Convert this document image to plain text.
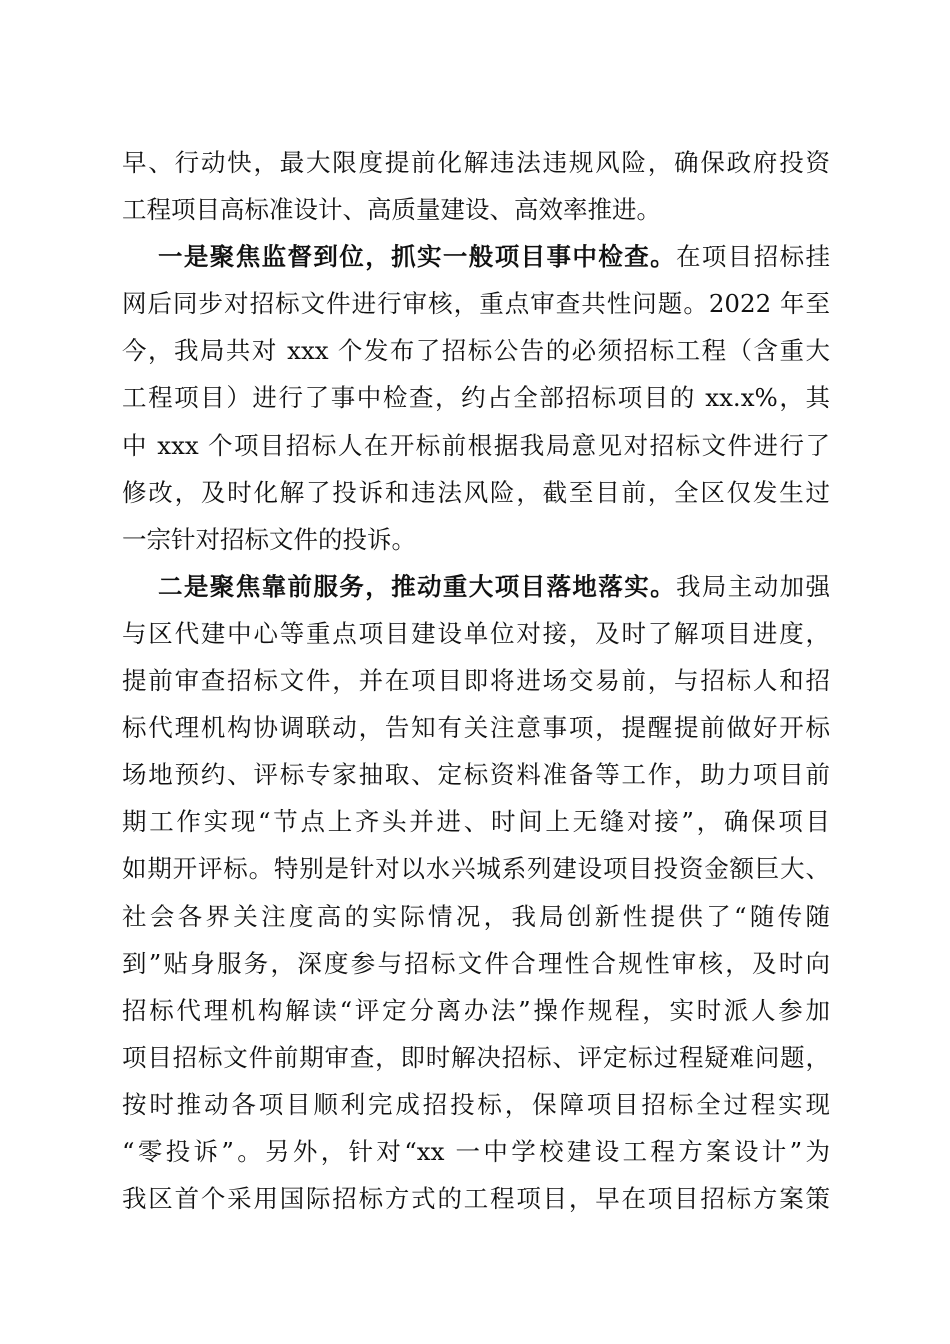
早、行动快，最大限度提前化解违法违规风险，确保政府投资
工程项目高标准设计、高质量建设、高效率推进。
一是聚焦监督到位，抓实一般项目事中检查。在项目招标挂
网后同步对招标文件进行审核，重点审查共性问题。2022 年至
今，我局共对 xxx 个发布了招标公告的必须招标工程（含重大
工程项目）进行了事中检查，约占全部招标项目的 xx.x%，其
中 xxx 个项目招标人在开标前根据我局意见对招标文件进行了
修改，及时化解了投诉和违法风险，截至目前，全区仅发生过
一宗针对招标文件的投诉。
二是聚焦靠前服务，推动重大项目落地落实。我局主动加强
与区代建中心等重点项目建设单位对接，及时了解项目进度，
提前审查招标文件，并在项目即将进场交易前，与招标人和招
标代理机构协调联动，告知有关注意事项，提醒提前做好开标
场地预约、评标专家抽取、定标资料准备等工作，助力项目前
期工作实现“节点上齐头并进、时间上无缝对接”，确保项目
如期开评标。特别是针对以水兴城系列建设项目投资金额巨大、
社会各界关注度高的实际情况，我局创新性提供了“随传随
到”贴身服务，深度参与招标文件合理性合规性审核，及时向
招标代理机构解读“评定分离办法”操作规程，实时派人参加
项目招标文件前期审查，即时解决招标、评定标过程疑难问题，
按时推动各项目顺利完成招投标，保障项目招标全过程实现
“零投诉”。另外，针对“xx 一中学校建设工程方案设计”为
我区首个采用国际招标方式的工程项目，早在项目招标方案策
